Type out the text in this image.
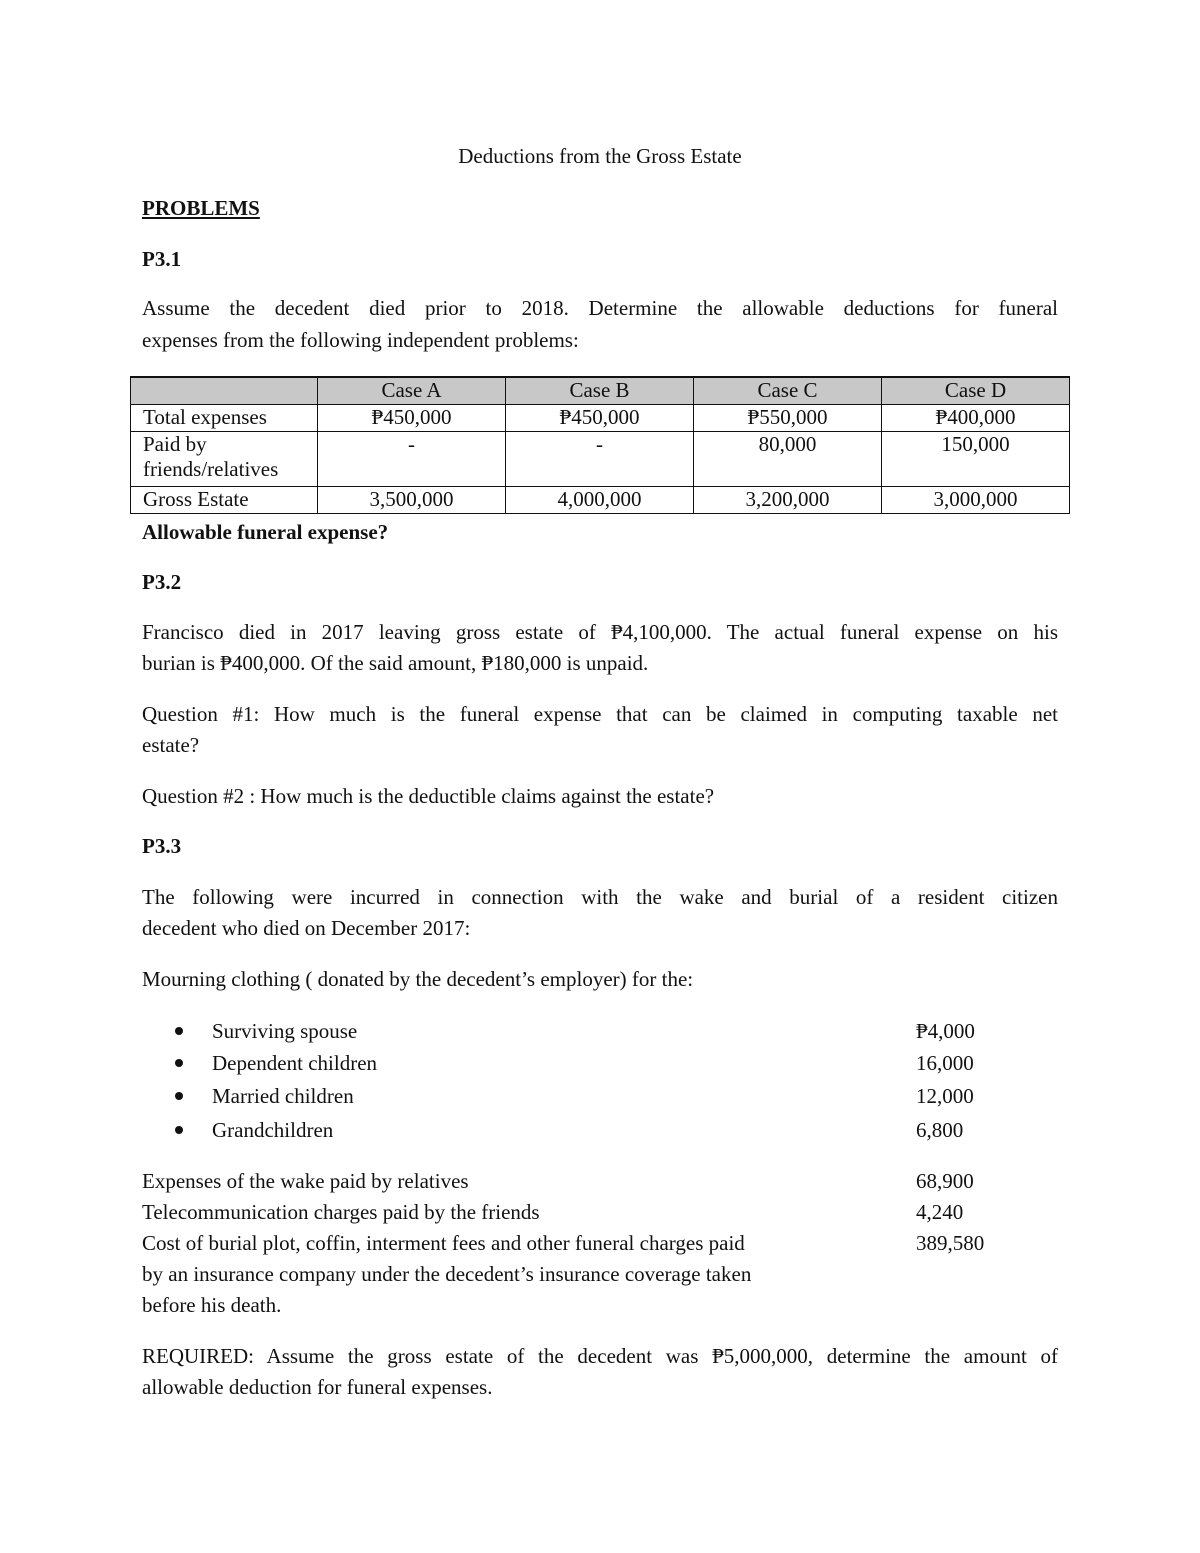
Deductions from the Gross Estate
PROBLEMS
P3.1
Assume the decedent died prior to 2018. Determine the allowable deductions for funeral
expenses from the following independent problems:
	Case A	Case B	Case C	Case D
Total expenses	₱450,000	₱450,000	₱550,000	₱400,000
Paid by
friends/relatives	-	-	80,000	150,000
Gross Estate	3,500,000	4,000,000	3,200,000	3,000,000
Allowable funeral expense?
P3.2
Francisco died in 2017 leaving gross estate of ₱4,100,000. The actual funeral expense on his
burian is ₱400,000. Of the said amount, ₱180,000 is unpaid.
Question #1: How much is the funeral expense that can be claimed in computing taxable net
estate?
Question #2 : How much is the deductible claims against the estate?
P3.3
The following were incurred in connection with the wake and burial of a resident citizen
decedent who died on December 2017:
Mourning clothing ( donated by the decedent’s employer) for the:
Surviving spouse	₱4,000
Dependent children	16,000
Married children	12,000
Grandchildren	6,800
Expenses of the wake paid by relatives	68,900
Telecommunication charges paid by the friends	4,240
Cost of burial plot, coffin, interment fees and other funeral charges paid	389,580
by an insurance company under the decedent’s insurance coverage taken
before his death.
REQUIRED: Assume the gross estate of the decedent was ₱5,000,000, determine the amount of
allowable deduction for funeral expenses.
